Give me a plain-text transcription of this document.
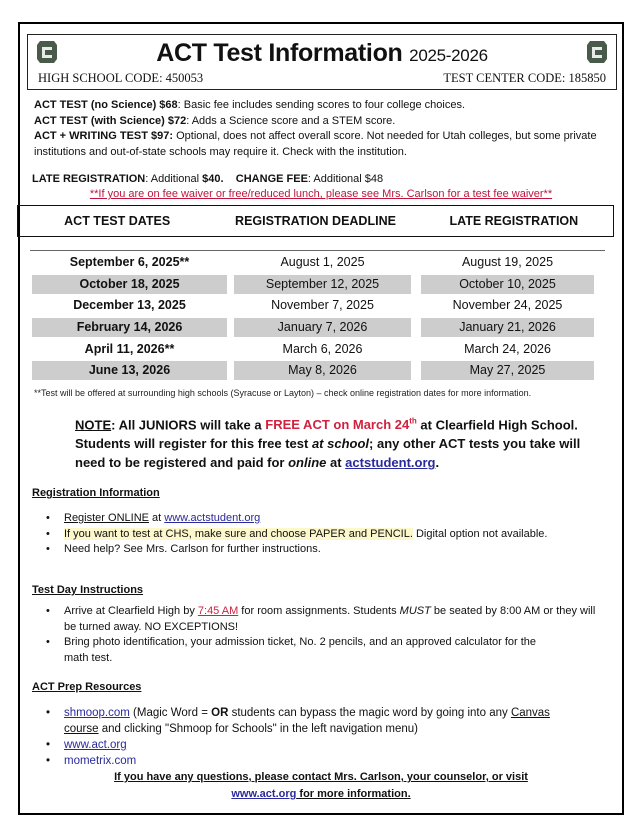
ACT Test Information 2025-2026
HIGH SCHOOL CODE: 450053	TEST CENTER CODE: 185850
ACT TEST (no Science) $68: Basic fee includes sending scores to four college choices.
ACT TEST (with Science) $72: Adds a Science score and a STEM score.
ACT + WRITING TEST $97: Optional, does not affect overall score. Not needed for Utah colleges, but some private institutions and out-of-state schools may require it. Check with the institution.
LATE REGISTRATION: Additional $40. CHANGE FEE: Additional $48
**If you are on fee waiver or free/reduced lunch, please see Mrs. Carlson for a test fee waiver**
ACT TEST DATES	REGISTRATION DEADLINE	LATE REGISTRATION
September 6, 2025**	August 1, 2025	August 19, 2025
October 18, 2025	September 12, 2025	October 10, 2025
December 13, 2025	November 7, 2025	November 24, 2025
February 14, 2026	January 7, 2026	January 21, 2026
April 11, 2026**	March 6, 2026	March 24, 2026
June 13, 2026	May 8, 2026	May 27, 2025
**Test will be offered at surrounding high schools (Syracuse or Layton) – check online registration dates for more information.
NOTE: All JUNIORS will take a FREE ACT on March 24th at Clearfield High School. Students will register for this free test at school; any other ACT tests you take will need to be registered and paid for online at actstudent.org.
Registration Information
• Register ONLINE at www.actstudent.org
• If you want to test at CHS, make sure and choose PAPER and PENCIL. Digital option not available.
• Need help? See Mrs. Carlson for further instructions.
Test Day Instructions
• Arrive at Clearfield High by 7:45 AM for room assignments. Students MUST be seated by 8:00 AM or they will be turned away. NO EXCEPTIONS!
• Bring photo identification, your admission ticket, No. 2 pencils, and an approved calculator for the math test.
ACT Prep Resources
• shmoop.com (Magic Word = OR students can bypass the magic word by going into any Canvas course and clicking "Shmoop for Schools" in the left navigation menu)
• www.act.org
• mometrix.com
If you have any questions, please contact Mrs. Carlson, your counselor, or visit
www.act.org for more information.
